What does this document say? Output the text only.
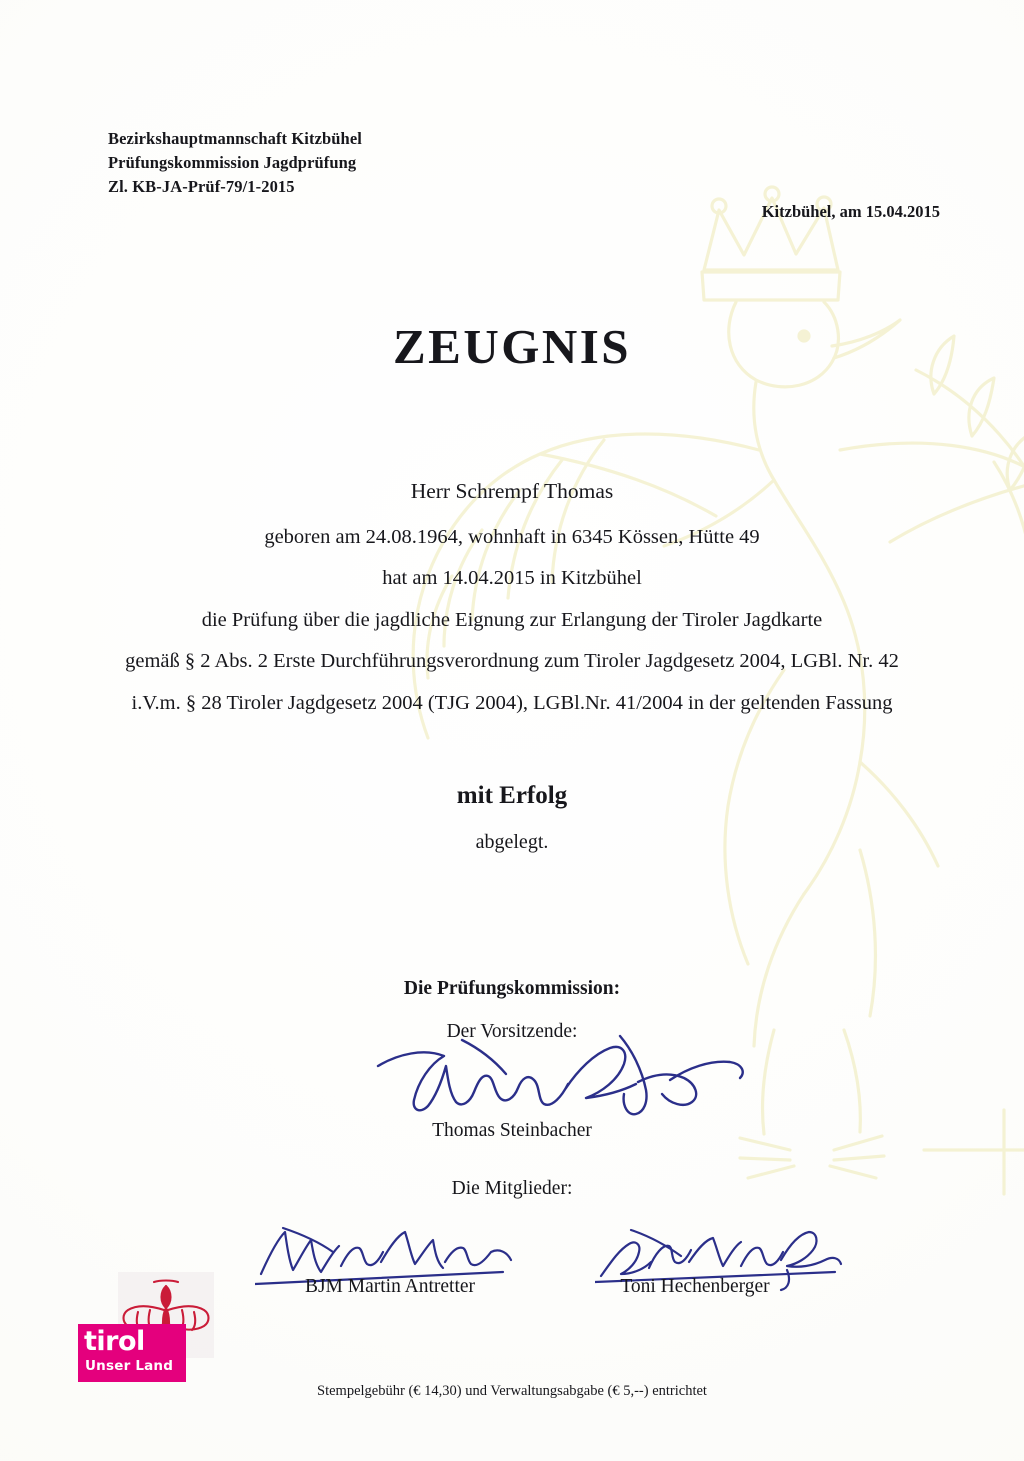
Bezirkshauptmannschaft Kitzbühel
Prüfungskommission Jagdprüfung
Zl. KB-JA-Prüf-79/1-2015
Kitzbühel, am 15.04.2015
ZEUGNIS
Herr Schrempf Thomas
geboren am 24.08.1964, wohnhaft in 6345 Kössen, Hütte 49
hat am 14.04.2015 in Kitzbühel
die Prüfung über die jagdliche Eignung zur Erlangung der Tiroler Jagdkarte
gemäß § 2 Abs. 2 Erste Durchführungsverordnung zum Tiroler Jagdgesetz 2004, LGBl. Nr. 42
i.V.m. § 28 Tiroler Jagdgesetz 2004 (TJG 2004), LGBl.Nr. 41/2004 in der geltenden Fassung
mit Erfolg
abgelegt.
Die Prüfungskommission:
Der Vorsitzende:
Thomas Steinbacher
Die Mitglieder:
BJM Martin Antretter	Toni Hechenberger
tirol
Unser Land
Stempelgebühr (€ 14,30) und Verwaltungsabgabe (€ 5,--) entrichtet
